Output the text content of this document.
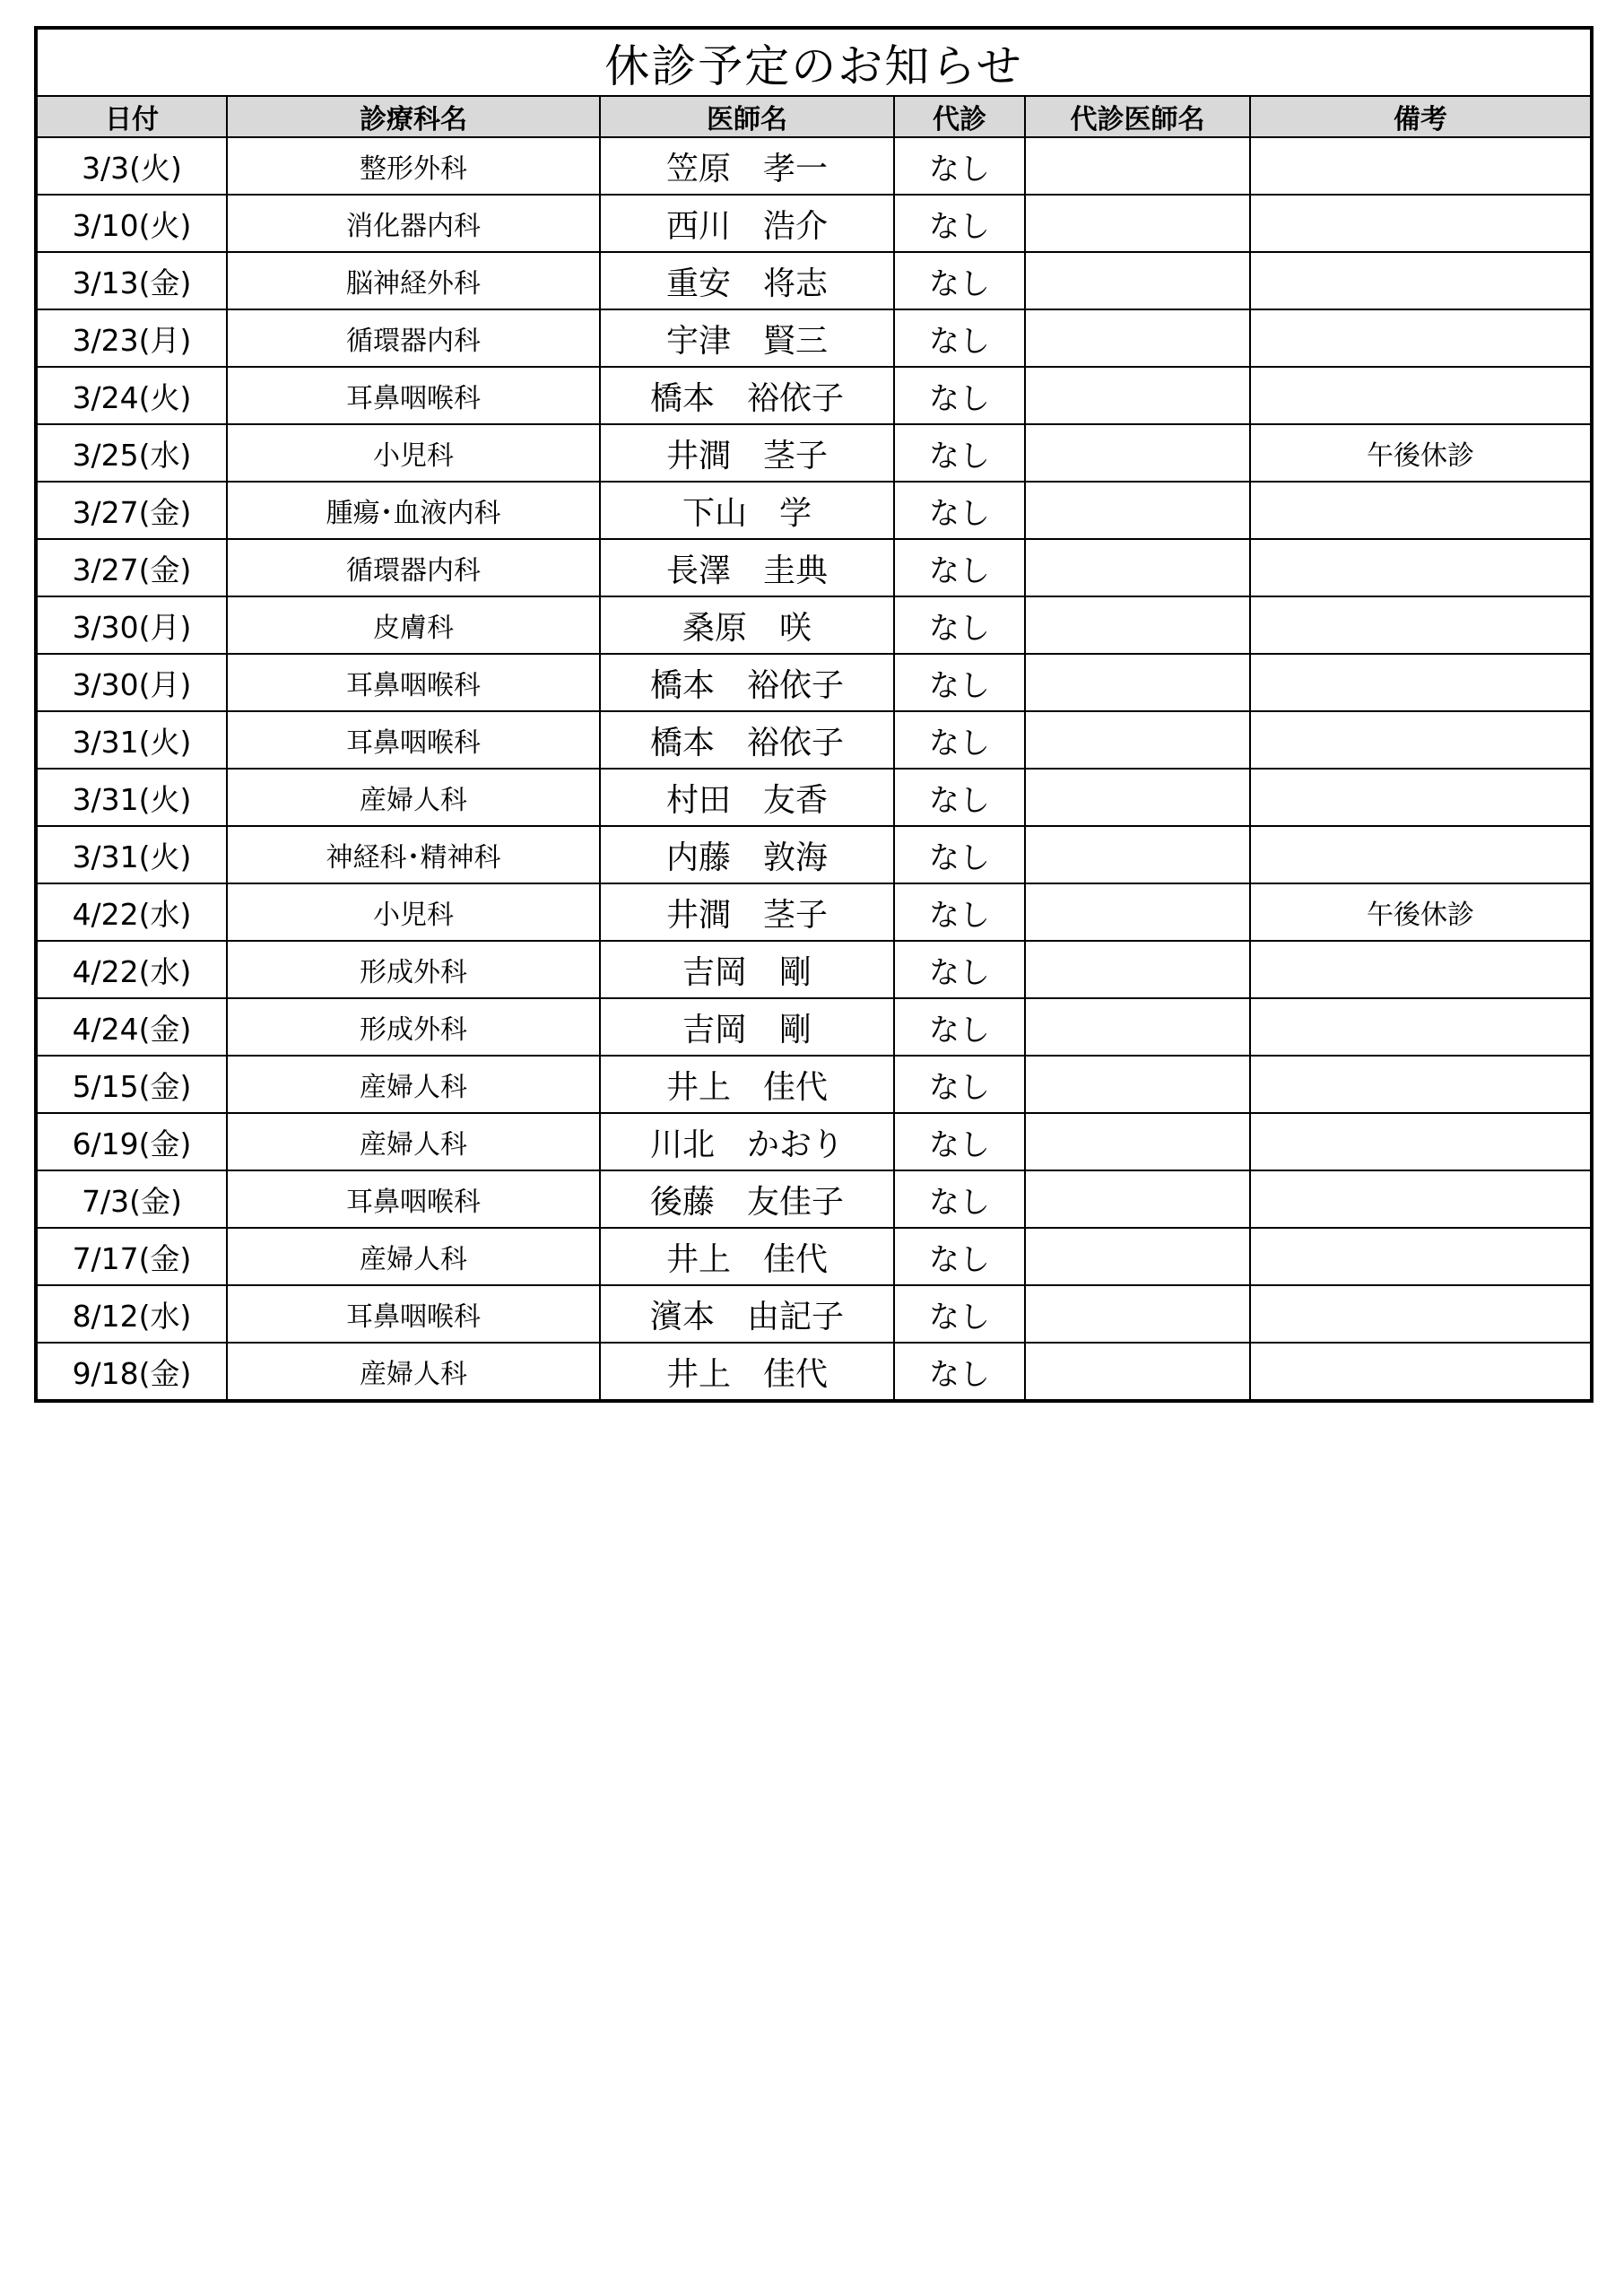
休診予定のお知らせ					
日付	診療科名	医師名	代診	代診医師名	備考
3/3(火)	整形外科	笠原　孝一	なし		
3/10(火)	消化器内科	西川　浩介	なし		
3/13(金)	脳神経外科	重安　将志	なし		
3/23(月)	循環器内科	宇津　賢三	なし		
3/24(火)	耳鼻咽喉科	橋本　裕依子	なし		
3/25(水)	小児科	井澗　茎子	なし		午後休診
3/27(金)	腫瘍･血液内科	下山　学	なし		
3/27(金)	循環器内科	長澤　圭典	なし		
3/30(月)	皮膚科	桑原　咲	なし		
3/30(月)	耳鼻咽喉科	橋本　裕依子	なし		
3/31(火)	耳鼻咽喉科	橋本　裕依子	なし		
3/31(火)	産婦人科	村田　友香	なし		
3/31(火)	神経科･精神科	内藤　敦海	なし		
4/22(水)	小児科	井澗　茎子	なし		午後休診
4/22(水)	形成外科	吉岡　剛	なし		
4/24(金)	形成外科	吉岡　剛	なし		
5/15(金)	産婦人科	井上　佳代	なし		
6/19(金)	産婦人科	川北　かおり	なし		
7/3(金)	耳鼻咽喉科	後藤　友佳子	なし		
7/17(金)	産婦人科	井上　佳代	なし		
8/12(水)	耳鼻咽喉科	濱本　由記子	なし		
9/18(金)	産婦人科	井上　佳代	なし		
